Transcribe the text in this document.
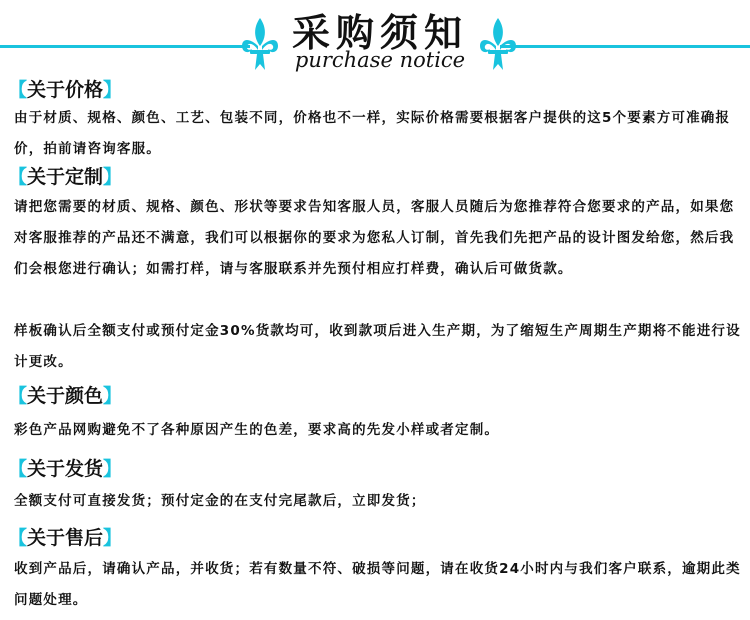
采购须知
purchase notice
【关于价格】
由于材质、规格、颜色、工艺、包装不同，价格也不一样，实际价格需要根据客户提供的这5个要素方可准确报价，拍前请咨询客服。
【关于定制】
请把您需要的材质、规格、颜色、形状等要求告知客服人员，客服人员随后为您推荐符合您要求的产品，如果您对客服推荐的产品还不满意，我们可以根据你的要求为您私人订制，首先我们先把产品的设计图发给您，然后我们会根您进行确认；如需打样，请与客服联系并先预付相应打样费，确认后可做货款。
样板确认后全额支付或预付定金30%货款均可，收到款项后进入生产期，为了缩短生产周期生产期将不能进行设计更改。
【关于颜色】
彩色产品网购避免不了各种原因产生的色差，要求高的先发小样或者定制。
【关于发货】
全额支付可直接发货；预付定金的在支付完尾款后，立即发货；
【关于售后】
收到产品后，请确认产品，并收货；若有数量不符、破损等问题，请在收货24小时内与我们客户联系，逾期此类问题处理。
